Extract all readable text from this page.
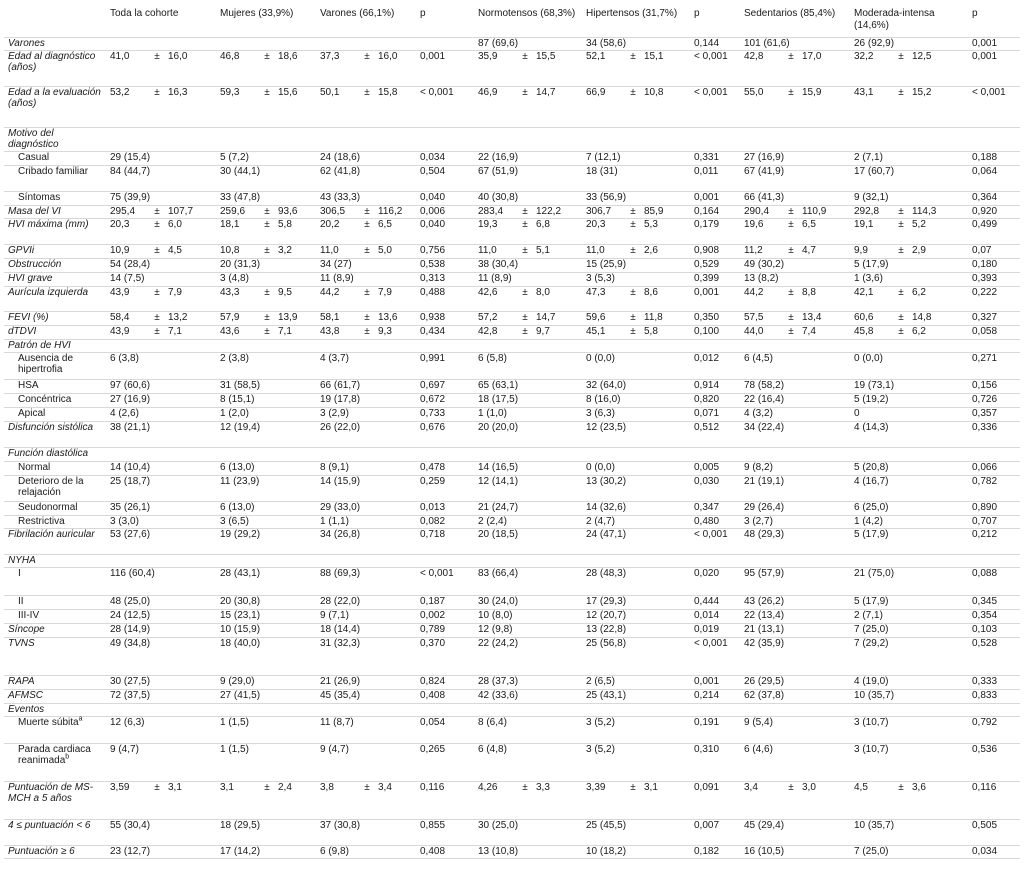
	Toda la cohorte	Mujeres (33,9%)	Varones (66,1%)	p	Normotensos (68,3%)	Hipertensos (31,7%)	p	Sedentarios (85,4%)	Moderada-intensa (14,6%)	p
Varones					87 (69,6)	34 (58,6)	0,144	101 (61,6)	26 (92,9)	0,001
Edad al diagnóstico (años)	41,0 ± 16,0	46,8 ± 18,6	37,3 ± 16,0	0,001	35,9 ± 15,5	52,1 ± 15,1	< 0,001	42,8 ± 17,0	32,2 ± 12,5	0,001
Edad a la evaluación (años)	53,2 ± 16,3	59,3 ± 15,6	50,1 ± 15,8	< 0,001	46,9 ± 14,7	66,9 ± 10,8	< 0,001	55,0 ± 15,9	43,1 ± 15,2	< 0,001
Motivo del diagnóstico										
Casual	29 (15,4)	5 (7,2)	24 (18,6)	0,034	22 (16,9)	7 (12,1)	0,331	27 (16,9)	2 (7,1)	0,188
Cribado familiar	84 (44,7)	30 (44,1)	62 (41,8)	0,504	67 (51,9)	18 (31)	0,011	67 (41,9)	17 (60,7)	0,064
Síntomas	75 (39,9)	33 (47,8)	43 (33,3)	0,040	40 (30,8)	33 (56,9)	0,001	66 (41,3)	9 (32,1)	0,364
Masa del VI	295,4 ± 107,7	259,6 ± 93,6	306,5 ± 116,2	0,006	283,4 ± 122,2	306,7 ± 85,9	0,164	290,4 ± 110,9	292,8 ± 114,3	0,920
HVI máxima (mm)	20,3 ± 6,0	18,1 ± 5,8	20,2 ± 6,5	0,040	19,3 ± 6,8	20,3 ± 5,3	0,179	19,6 ± 6,5	19,1 ± 5,2	0,499
GPVIi	10,9 ± 4,5	10,8 ± 3,2	11,0 ± 5,0	0,756	11,0 ± 5,1	11,0 ± 2,6	0,908	11,2 ± 4,7	9,9 ± 2,9	0,07
Obstrucción	54 (28,4)	20 (31,3)	34 (27)	0,538	38 (30,4)	15 (25,9)	0,529	49 (30,2)	5 (17,9)	0,180
HVI grave	14 (7,5)	3 (4,8)	11 (8,9)	0,313	11 (8,9)	3 (5,3)	0,399	13 (8,2)	1 (3,6)	0,393
Aurícula izquierda	43,9 ± 7,9	43,3 ± 9,5	44,2 ± 7,9	0,488	42,6 ± 8,0	47,3 ± 8,6	0,001	44,2 ± 8,8	42,1 ± 6,2	0,222
FEVI (%)	58,4 ± 13,2	57,9 ± 13,9	58,1 ± 13,6	0,938	57,2 ± 14,7	59,6 ± 11,8	0,350	57,5 ± 13,4	60,6 ± 14,8	0,327
dTDVI	43,9 ± 7,1	43,6 ± 7,1	43,8 ± 9,3	0,434	42,8 ± 9,7	45,1 ± 5,8	0,100	44,0 ± 7,4	45,8 ± 6,2	0,058
Patrón de HVI										
Ausencia de hipertrofia	6 (3,8)	2 (3,8)	4 (3,7)	0,991	6 (5,8)	0 (0,0)	0,012	6 (4,5)	0 (0,0)	0,271
HSA	97 (60,6)	31 (58,5)	66 (61,7)	0,697	65 (63,1)	32 (64,0)	0,914	78 (58,2)	19 (73,1)	0,156
Concéntrica	27 (16,9)	8 (15,1)	19 (17,8)	0,672	18 (17,5)	8 (16,0)	0,820	22 (16,4)	5 (19,2)	0,726
Apical	4 (2,6)	1 (2,0)	3 (2,9)	0,733	1 (1,0)	3 (6,3)	0,071	4 (3,2)	0	0,357
Disfunción sistólica	38 (21,1)	12 (19,4)	26 (22,0)	0,676	20 (20,0)	12 (23,5)	0,512	34 (22,4)	4 (14,3)	0,336
Función diastólica										
Normal	14 (10,4)	6 (13,0)	8 (9,1)	0,478	14 (16,5)	0 (0,0)	0,005	9 (8,2)	5 (20,8)	0,066
Deterioro de la relajación	25 (18,7)	11 (23,9)	14 (15,9)	0,259	12 (14,1)	13 (30,2)	0,030	21 (19,1)	4 (16,7)	0,782
Seudonormal	35 (26,1)	6 (13,0)	29 (33,0)	0,013	21 (24,7)	14 (32,6)	0,347	29 (26,4)	6 (25,0)	0,890
Restrictiva	3 (3,0)	3 (6,5)	1 (1,1)	0,082	2 (2,4)	2 (4,7)	0,480	3 (2,7)	1 (4,2)	0,707
Fibrilación auricular	53 (27,6)	19 (29,2)	34 (26,8)	0,718	20 (18,5)	24 (47,1)	< 0,001	48 (29,3)	5 (17,9)	0,212
NYHA										
I	116 (60,4)	28 (43,1)	88 (69,3)	< 0,001	83 (66,4)	28 (48,3)	0,020	95 (57,9)	21 (75,0)	0,088
II	48 (25,0)	20 (30,8)	28 (22,0)	0,187	30 (24,0)	17 (29,3)	0,444	43 (26,2)	5 (17,9)	0,345
III-IV	24 (12,5)	15 (23,1)	9 (7,1)	0,002	10 (8,0)	12 (20,7)	0,014	22 (13,4)	2 (7,1)	0,354
Síncope	28 (14,9)	10 (15,9)	18 (14,4)	0,789	12 (9,8)	13 (22,8)	0,019	21 (13,1)	7 (25,0)	0,103
TVNS	49 (34,8)	18 (40,0)	31 (32,3)	0,370	22 (24,2)	25 (56,8)	< 0,001	42 (35,9)	7 (29,2)	0,528
RAPA	30 (27,5)	9 (29,0)	21 (26,9)	0,824	28 (37,3)	2 (6,5)	0,001	26 (29,5)	4 (19,0)	0,333
AFMSC	72 (37,5)	27 (41,5)	45 (35,4)	0,408	42 (33,6)	25 (43,1)	0,214	62 (37,8)	10 (35,7)	0,833
Eventos										
Muerte súbita$^a$	12 (6,3)	1 (1,5)	11 (8,7)	0,054	8 (6,4)	3 (5,2)	0,191	9 (5,4)	3 (10,7)	0,792
Parada cardiaca reanimada$^b$	9 (4,7)	1 (1,5)	9 (4,7)	0,265	6 (4,8)	3 (5,2)	0,310	6 (4,6)	3 (10,7)	0,536
Puntuación de MS-MCH a 5 años	3,59 ± 3,1	3,1 ± 2,4	3,8 ± 3,4	0,116	4,26 ± 3,3	3,39 ± 3,1	0,091	3,4 ± 3,0	4,5 ± 3,6	0,116
4 ≤ puntuación < 6	55 (30,4)	18 (29,5)	37 (30,8)	0,855	30 (25,0)	25 (45,5)	0,007	45 (29,4)	10 (35,7)	0,505
Puntuación ≥ 6	23 (12,7)	17 (14,2)	6 (9,8)	0,408	13 (10,8)	10 (18,2)	0,182	16 (10,5)	7 (25,0)	0,034
